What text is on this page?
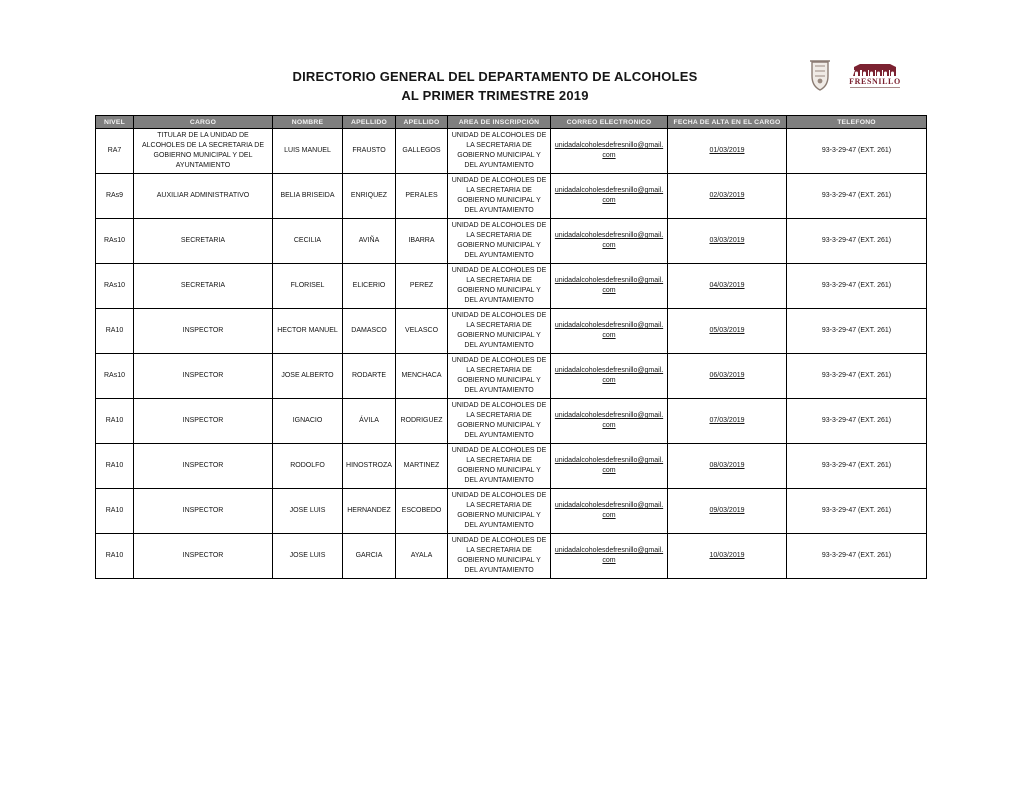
DIRECTORIO GENERAL DEL DEPARTAMENTO DE ALCOHOLES
AL PRIMER TRIMESTRE 2019
FRESNILLO
NIVEL	CARGO	NOMBRE	APELLIDO	APELLIDO	AREA DE INSCRIPCIÓN	CORREO ELECTRONICO	FECHA DE ALTA EN EL CARGO	TELEFONO
RA7	TITULAR DE LA UNIDAD DE ALCOHOLES DE LA SECRETARIA DE GOBIERNO MUNICIPAL Y DEL AYUNTAMIENTO	LUIS MANUEL	FRAUSTO	GALLEGOS	UNIDAD DE ALCOHOLES DE LA SECRETARIA DE GOBIERNO MUNICIPAL Y DEL AYUNTAMIENTO	unidadalcoholesdefresnillo@gmail.com	01/03/2019	93-3-29-47 (EXT. 261)
RAs9	AUXILIAR ADMINISTRATIVO	BELIA BRISEIDA	ENRIQUEZ	PERALES	UNIDAD DE ALCOHOLES DE LA SECRETARIA DE GOBIERNO MUNICIPAL Y DEL AYUNTAMIENTO	unidadalcoholesdefresnillo@gmail.com	02/03/2019	93-3-29-47 (EXT. 261)
RAs10	SECRETARIA	CECILIA	AVIÑA	IBARRA	UNIDAD DE ALCOHOLES DE LA SECRETARIA DE GOBIERNO MUNICIPAL Y DEL AYUNTAMIENTO	unidadalcoholesdefresnillo@gmail.com	03/03/2019	93-3-29-47 (EXT. 261)
RAs10	SECRETARIA	FLORISEL	ELICERIO	PEREZ	UNIDAD DE ALCOHOLES DE LA SECRETARIA DE GOBIERNO MUNICIPAL Y DEL AYUNTAMIENTO	unidadalcoholesdefresnillo@gmail.com	04/03/2019	93-3-29-47 (EXT. 261)
RA10	INSPECTOR	HECTOR MANUEL	DAMASCO	VELASCO	UNIDAD DE ALCOHOLES DE LA SECRETARIA DE GOBIERNO MUNICIPAL Y DEL AYUNTAMIENTO	unidadalcoholesdefresnillo@gmail.com	05/03/2019	93-3-29-47 (EXT. 261)
RAs10	INSPECTOR	JOSE ALBERTO	RODARTE	MENCHACA	UNIDAD DE ALCOHOLES DE LA SECRETARIA DE GOBIERNO MUNICIPAL Y DEL AYUNTAMIENTO	unidadalcoholesdefresnillo@gmail.com	06/03/2019	93-3-29-47 (EXT. 261)
RA10	INSPECTOR	IGNACIO	ÁVILA	RODRIGUEZ	UNIDAD DE ALCOHOLES DE LA SECRETARIA DE GOBIERNO MUNICIPAL Y DEL AYUNTAMIENTO	unidadalcoholesdefresnillo@gmail.com	07/03/2019	93-3-29-47 (EXT. 261)
RA10	INSPECTOR	RODOLFO	HINOSTROZA	MARTINEZ	UNIDAD DE ALCOHOLES DE LA SECRETARIA DE GOBIERNO MUNICIPAL Y DEL AYUNTAMIENTO	unidadalcoholesdefresnillo@gmail.com	08/03/2019	93-3-29-47 (EXT. 261)
RA10	INSPECTOR	JOSE LUIS	HERNANDEZ	ESCOBEDO	UNIDAD DE ALCOHOLES DE LA SECRETARIA DE GOBIERNO MUNICIPAL Y DEL AYUNTAMIENTO	unidadalcoholesdefresnillo@gmail.com	09/03/2019	93-3-29-47 (EXT. 261)
RA10	INSPECTOR	JOSE LUIS	GARCIA	AYALA	UNIDAD DE ALCOHOLES DE LA SECRETARIA DE GOBIERNO MUNICIPAL Y DEL AYUNTAMIENTO	unidadalcoholesdefresnillo@gmail.com	10/03/2019	93-3-29-47 (EXT. 261)
